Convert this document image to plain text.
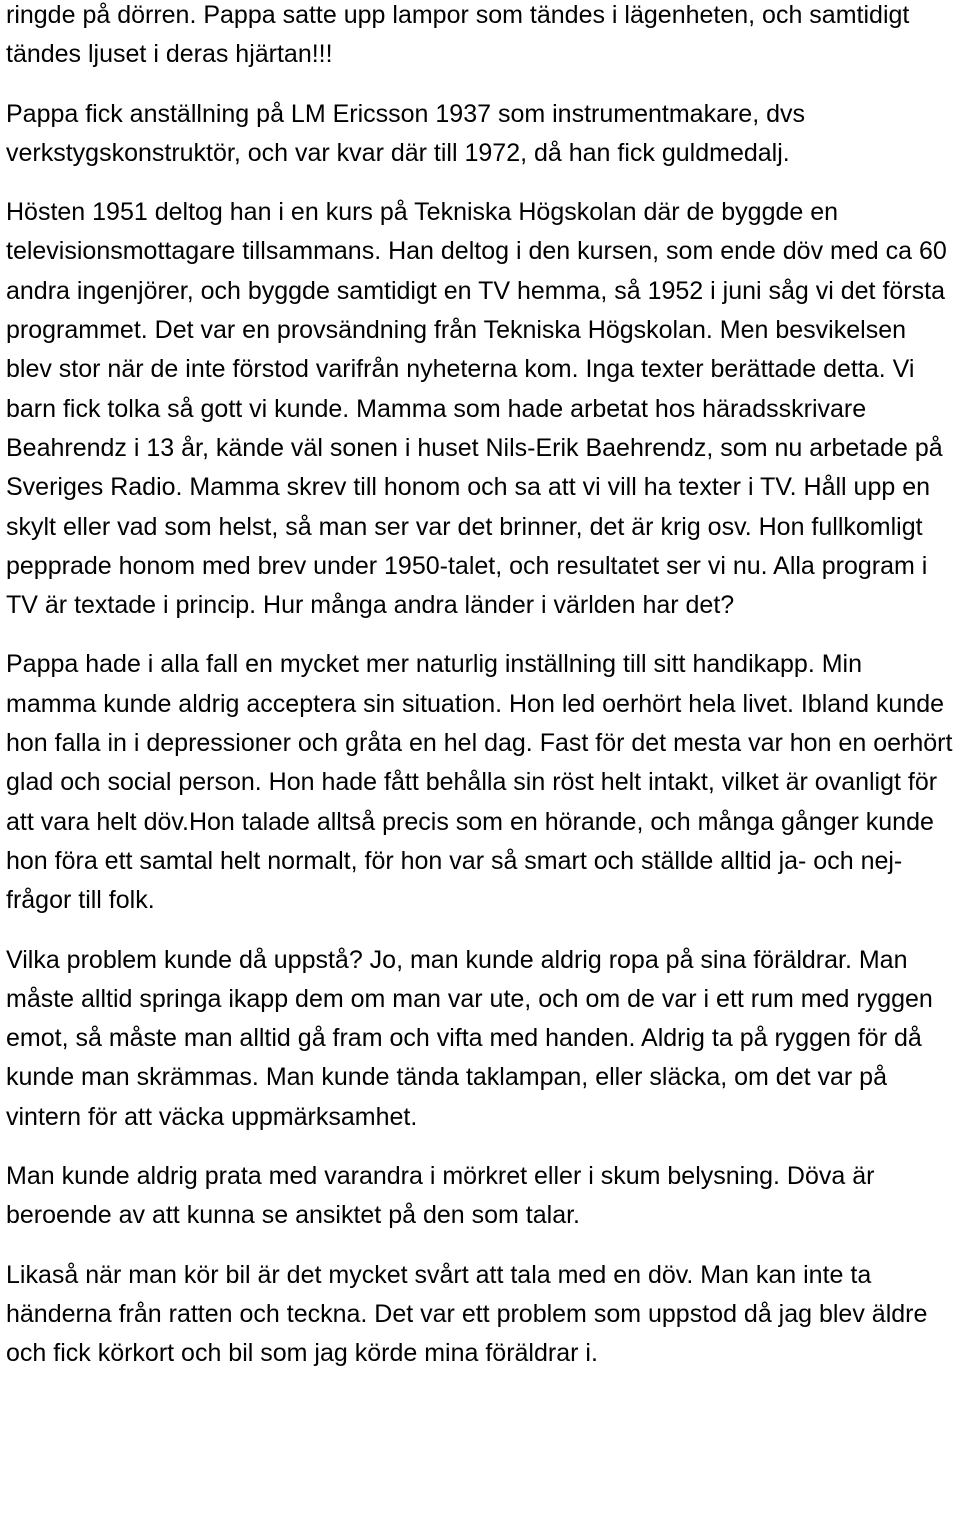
ringde på dörren. Pappa satte upp lampor som tändes i lägenheten, och samtidigt tändes ljuset i deras hjärtan!!!

Pappa fick anställning på LM Ericsson 1937 som instrumentmakare, dvs verkstygskonstruktör, och var kvar där till 1972, då han fick guldmedalj.

Hösten 1951 deltog han i en kurs på Tekniska Högskolan där de byggde en televisionsmottagare tillsammans. Han deltog i den kursen, som ende döv med ca 60 andra ingenjörer, och byggde samtidigt en TV hemma, så 1952 i juni såg vi det första programmet. Det var en provsändning från Tekniska Högskolan. Men besvikelsen blev stor när de inte förstod varifrån nyheterna kom. Inga texter berättade detta. Vi barn fick tolka så gott vi kunde. Mamma som hade arbetat hos häradsskrivare Beahrendz i 13 år, kände väl sonen i huset Nils-Erik Baehrendz, som nu arbetade på Sveriges Radio. Mamma skrev till honom och sa att vi vill ha texter i TV. Håll upp en skylt eller vad som helst, så man ser var det brinner, det är krig osv. Hon fullkomligt pepprade honom med brev under 1950-talet, och resultatet ser vi nu. Alla program i TV är textade i princip. Hur många andra länder i världen har det?

Pappa hade i alla fall en mycket mer naturlig inställning till sitt handikapp. Min mamma kunde aldrig acceptera sin situation. Hon led oerhört hela livet. Ibland kunde hon falla in i depressioner och gråta en hel dag. Fast för det mesta var hon en oerhört glad och social person. Hon hade fått behålla sin röst helt intakt, vilket är ovanligt för att vara helt döv.Hon talade alltså precis som en hörande, och många gånger kunde hon föra ett samtal helt normalt, för hon var så smart och ställde alltid ja- och nej-frågor till folk.

Vilka problem kunde då uppstå? Jo, man kunde aldrig ropa på sina föräldrar. Man måste alltid springa ikapp dem om man var ute, och om de var i ett rum med ryggen emot, så måste man alltid gå fram och vifta med handen. Aldrig ta på ryggen för då kunde man skrämmas. Man kunde tända taklampan, eller släcka, om det var på vintern för att väcka uppmärksamhet.

Man kunde aldrig prata med varandra i mörkret eller i skum belysning. Döva är beroende av att kunna se ansiktet på den som talar.

Likaså när man kör bil är det mycket svårt att tala med en döv. Man kan inte ta händerna från ratten och teckna. Det var ett problem som uppstod då jag blev äldre och fick körkort och bil som jag körde mina föräldrar i.
